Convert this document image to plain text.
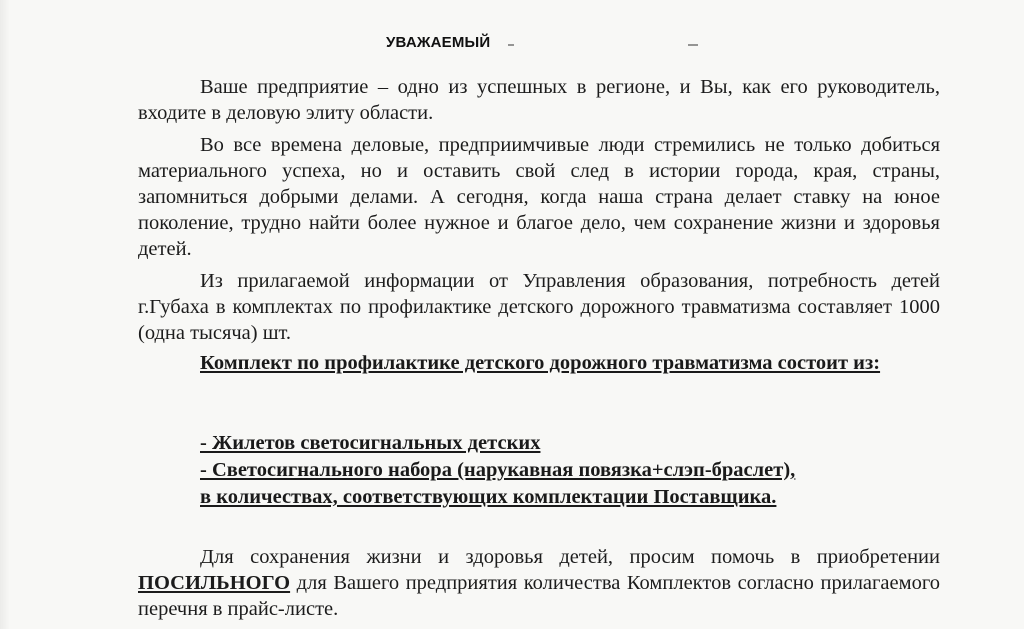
УВАЖАЕМЫЙ
Ваше предприятие – одно из успешных в регионе, и Вы, как его руководитель, входите в деловую элиту области.
Во все времена деловые, предприимчивые люди стремились не только добиться материального успеха, но и оставить свой след в истории города, края, страны, запомниться добрыми делами. А сегодня, когда наша страна делает ставку на юное поколение, трудно найти более нужное и благое дело, чем сохранение жизни и здоровья детей.
Из прилагаемой информации от Управления образования, потребность детей г.Губаха в комплектах по профилактике детского дорожного травматизма составляет 1000 (одна тысяча) шт.
Комплект по профилактике детского дорожного травматизма состоит из:
- Жилетов светосигнальных детских
- Светосигнального набора (нарукавная повязка+слэп-браслет),
в количествах, соответствующих комплектации Поставщика.
Для сохранения жизни и здоровья детей, просим помочь в приобретении ПОСИЛЬНОГО для Вашего предприятия количества Комплектов согласно прилагаемого перечня в прайс-листе.
